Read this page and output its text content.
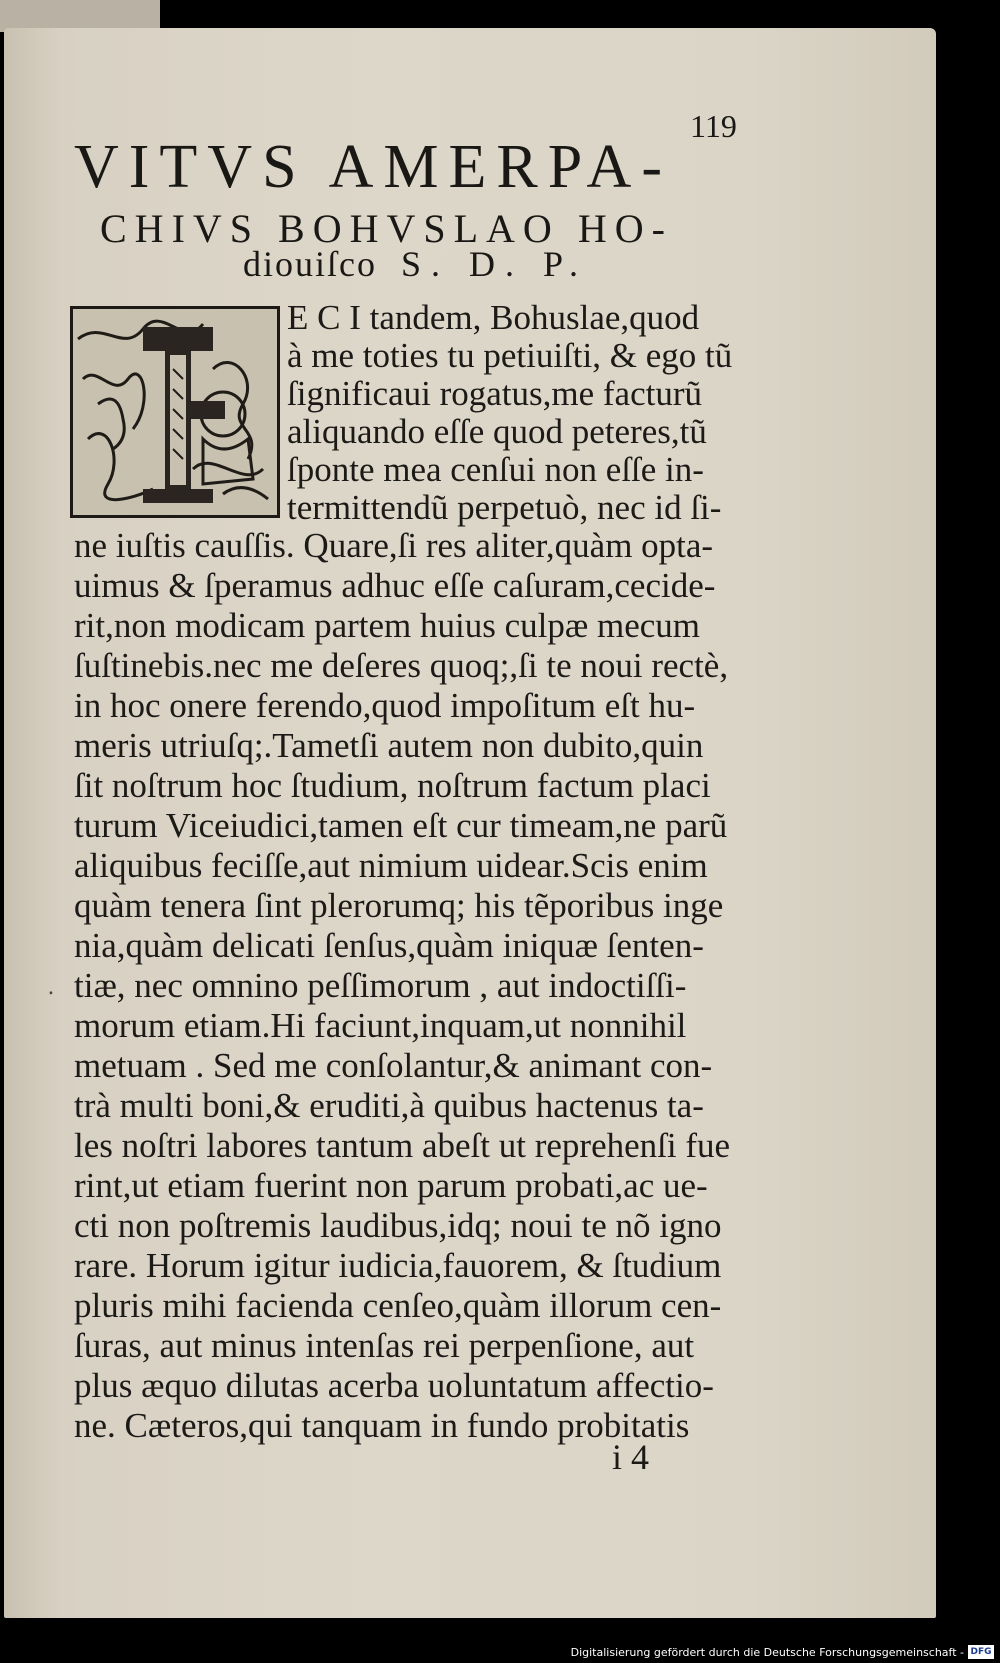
119
VITVS AMERPA-
CHIVS BOHVSLAO HO-
diouiſco S. D. P.
E C I tandem, Bohuslae,quod
à me toties tu petiuiſti, & ego tũ
ſignificaui rogatus,me facturũ
aliquando eſſe quod peteres,tũ
ſponte mea cenſui non eſſe in-
termittendũ perpetuò, nec id ſi-
ne iuſtis cauſſis. Quare,ſi res aliter,quàm opta-
uimus & ſperamus adhuc eſſe caſuram,cecide-
rit,non modicam partem huius culpæ mecum
ſuſtinebis.nec me deſeres quoq;,ſi te noui rectè,
in hoc onere ferendo,quod impoſitum eſt hu-
meris utriuſq;.Tametſi autem non dubito,quin
ſit noſtrum hoc ſtudium, noſtrum factum placi
turum Viceiudici,tamen eſt cur timeam,ne parũ
aliquibus feciſſe,aut nimium uidear.Scis enim
quàm tenera ſint plerorumq; his tẽporibus inge
nia,quàm delicati ſenſus,quàm iniquæ ſenten-
tiæ, nec omnino peſſimorum , aut indoctiſſi-
morum etiam.Hi faciunt,inquam,ut nonnihil
metuam . Sed me conſolantur,& animant con-
trà multi boni,& eruditi,à quibus hactenus ta-
les noſtri labores tantum abeſt ut reprehenſi fue
rint,ut etiam fuerint non parum probati,ac ue-
cti non poſtremis laudibus,idq; noui te nõ igno
rare. Horum igitur iudicia,fauorem, & ſtudium
pluris mihi facienda cenſeo,quàm illorum cen-
ſuras, aut minus intenſas rei perpenſione, aut
plus æquo dilutas acerba uoluntatum affectio-
ne. Cæteros,qui tanquam in fundo probitatis
⸳
i 4
Digitalisierung gefördert durch die Deutsche Forschungsgemeinschaft - DFG
